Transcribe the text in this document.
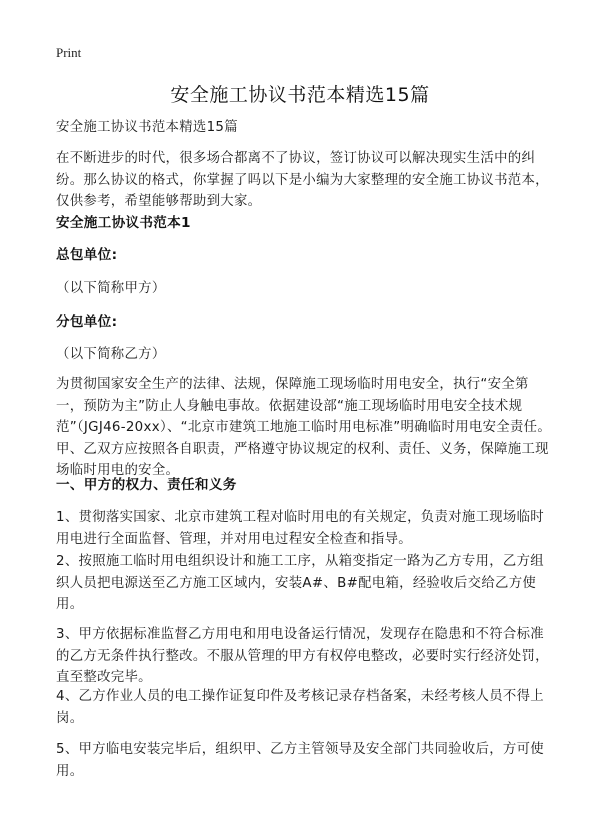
Print
安全施工协议书范本精选15篇
安全施工协议书范本精选15篇
在不断进步的时代，很多场合都离不了协议，签订协议可以解决现实生活中的纠纷。那么协议的格式，你掌握了吗以下是小编为大家整理的安全施工协议书范本，仅供参考，希望能够帮助到大家。
安全施工协议书范本1
总包单位:
（以下简称甲方）
分包单位:
（以下简称乙方）
为贯彻国家安全生产的法律、法规，保障施工现场临时用电安全，执行“安全第一，预防为主”防止人身触电事故。依据建设部“施工现场临时用电安全技术规范”（JGJ46-20xx）、“北京市建筑工地施工临时用电标准”明确临时用电安全责任。甲、乙双方应按照各自职责，严格遵守协议规定的权利、责任、义务，保障施工现场临时用电的安全。
一、甲方的权力、责任和义务
1、贯彻落实国家、北京市建筑工程对临时用电的有关规定，负责对施工现场临时用电进行全面监督、管理，并对用电过程安全检查和指导。
2、按照施工临时用电组织设计和施工工序，从箱变指定一路为乙方专用，乙方组织人员把电源送至乙方施工区域内，安装A#、B#配电箱，经验收后交给乙方使用。
3、甲方依据标准监督乙方用电和用电设备运行情况，发现存在隐患和不符合标准的乙方无条件执行整改。不服从管理的甲方有权停电整改，必要时实行经济处罚，直至整改完毕。
4、乙方作业人员的电工操作证复印件及考核记录存档备案，未经考核人员不得上岗。
5、甲方临电安装完毕后，组织甲、乙方主管领导及安全部门共同验收后，方可使用。
